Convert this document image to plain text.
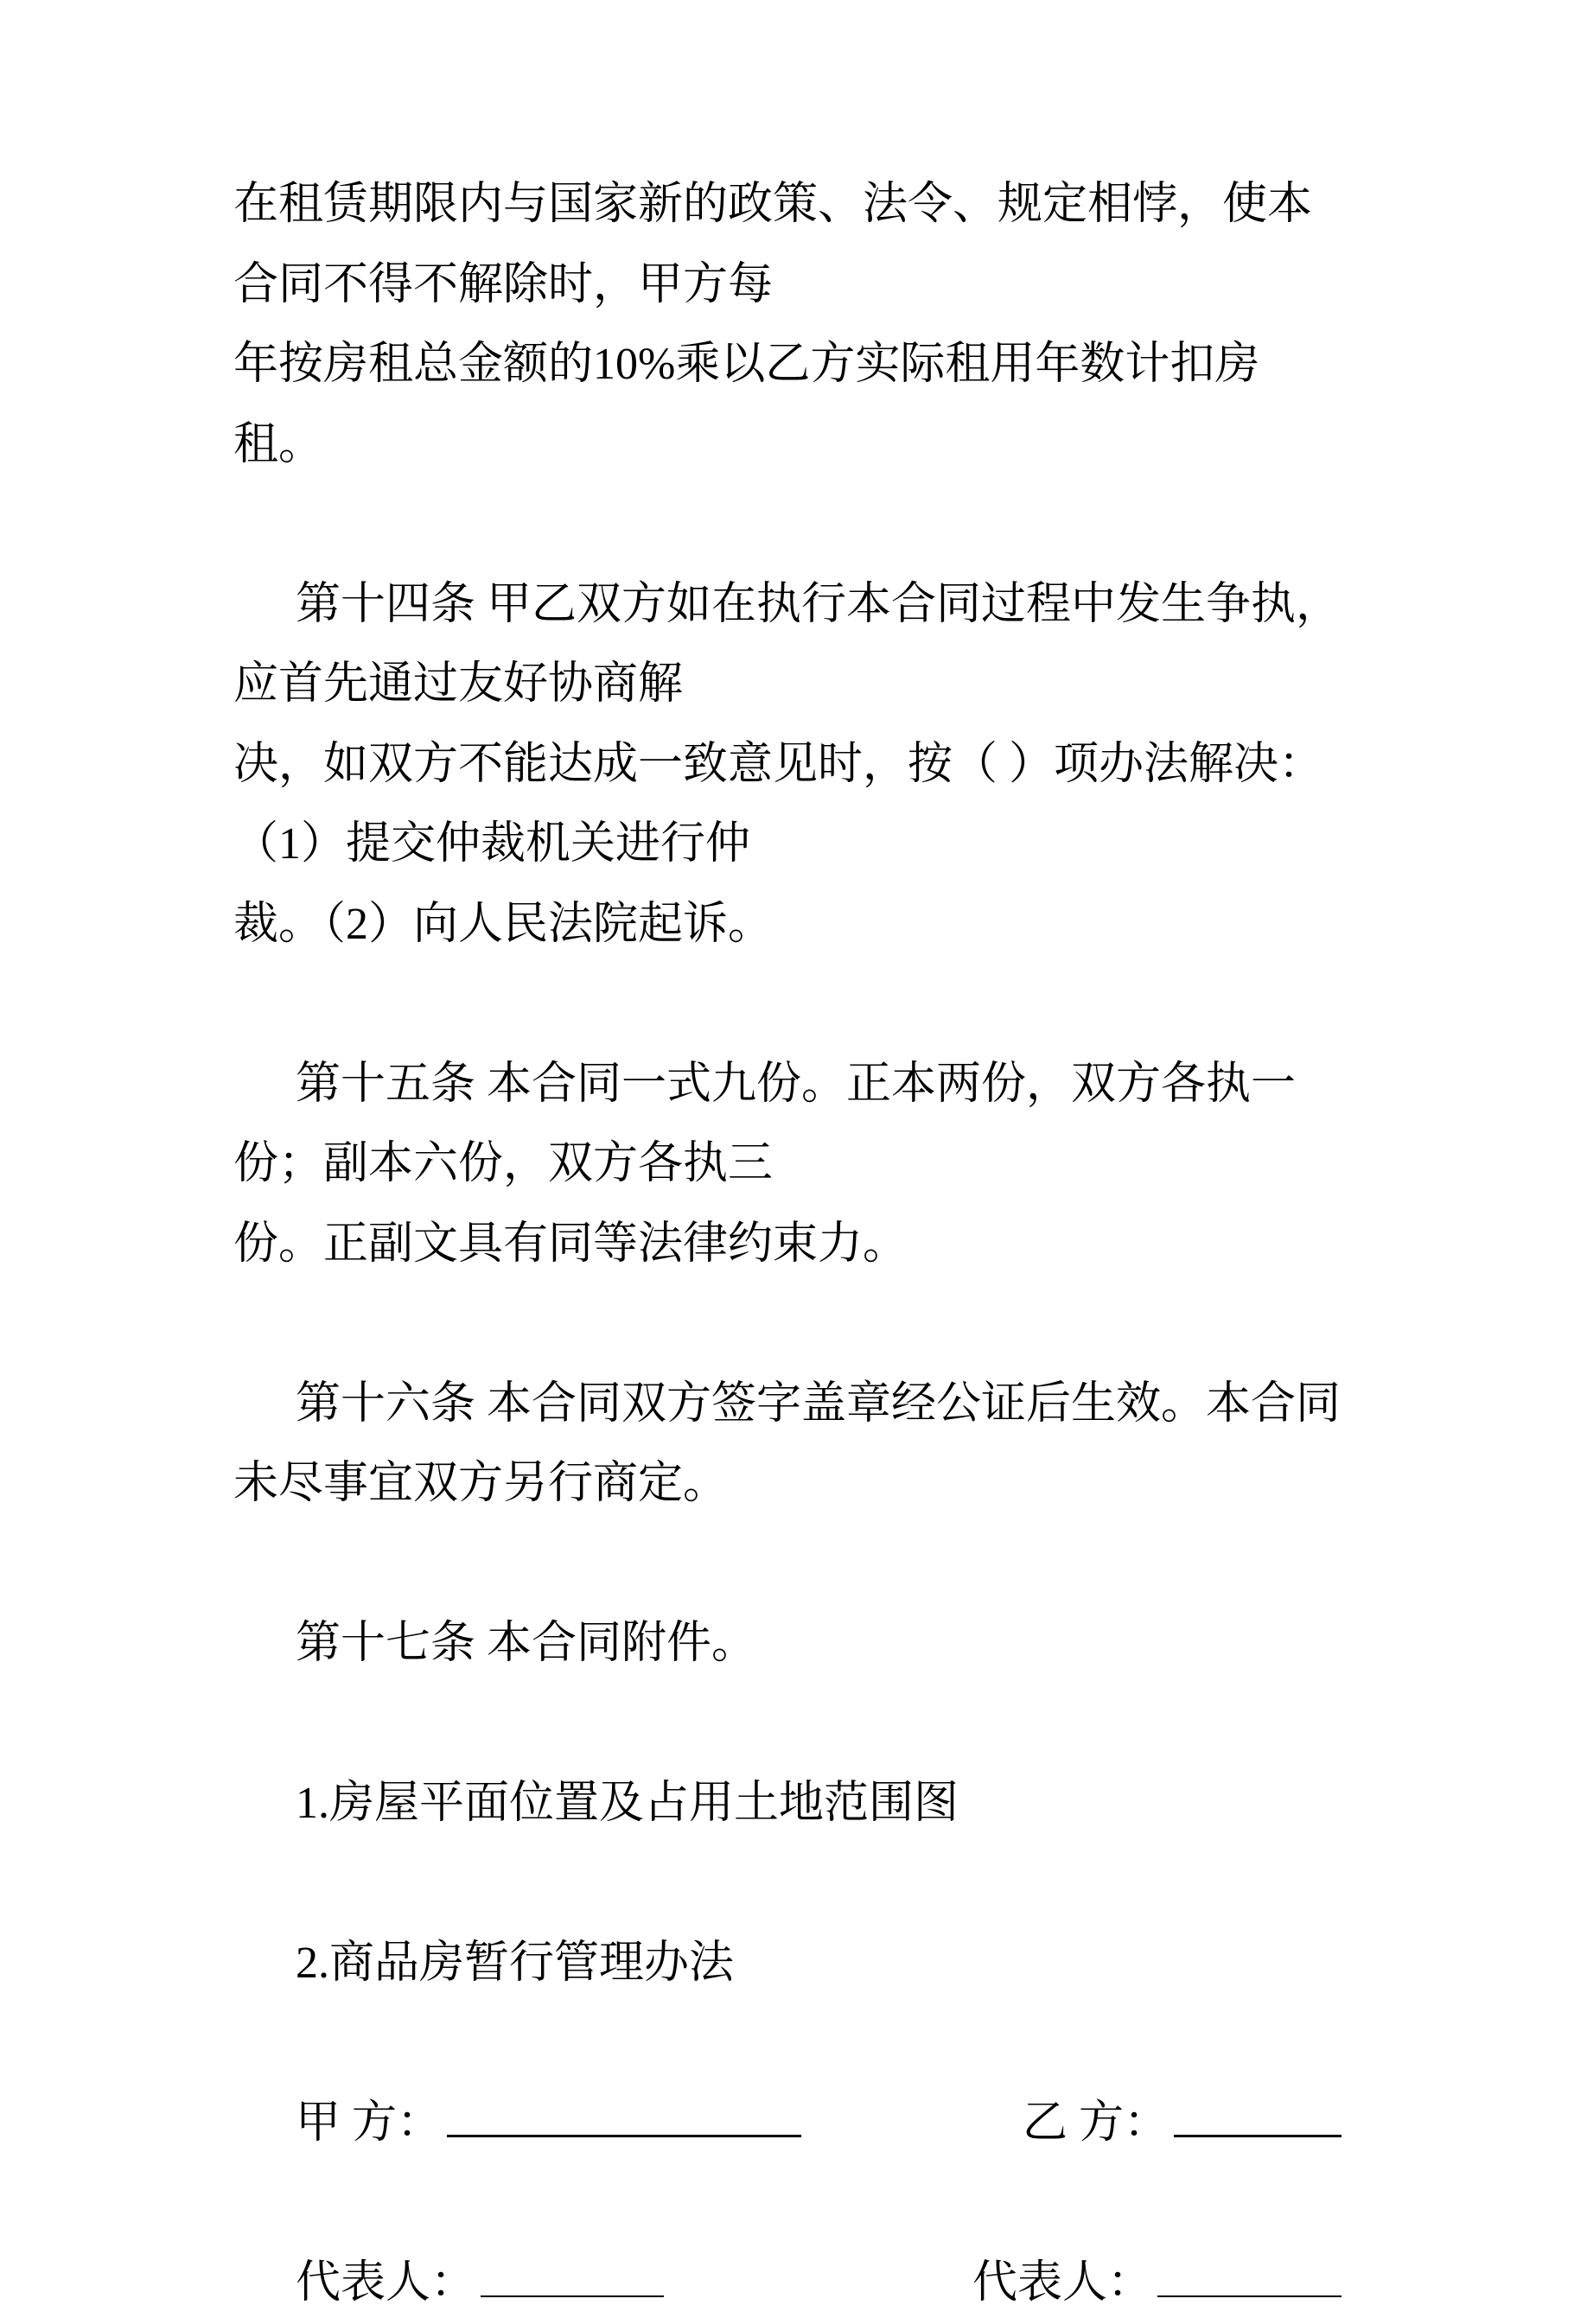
在租赁期限内与国家新的政策、法令、规定相悖，使本合同不得不解除时，甲方每
年按房租总金额的10%乘以乙方实际租用年数计扣房租。
第十四条 甲乙双方如在执行本合同过程中发生争执，应首先通过友好协商解
决，如双方不能达成一致意见时，按（ ）项办法解决：（1）提交仲裁机关进行仲
裁。（2）向人民法院起诉。
第十五条 本合同一式九份。正本两份，双方各执一份；副本六份，双方各执三
份。正副文具有同等法律约束力。
第十六条 本合同双方签字盖章经公证后生效。本合同未尽事宜双方另行商定。
第十七条 本合同附件。
1.房屋平面位置及占用土地范围图
2.商品房暂行管理办法
甲 方：	乙 方：
代表人：	代表人：
